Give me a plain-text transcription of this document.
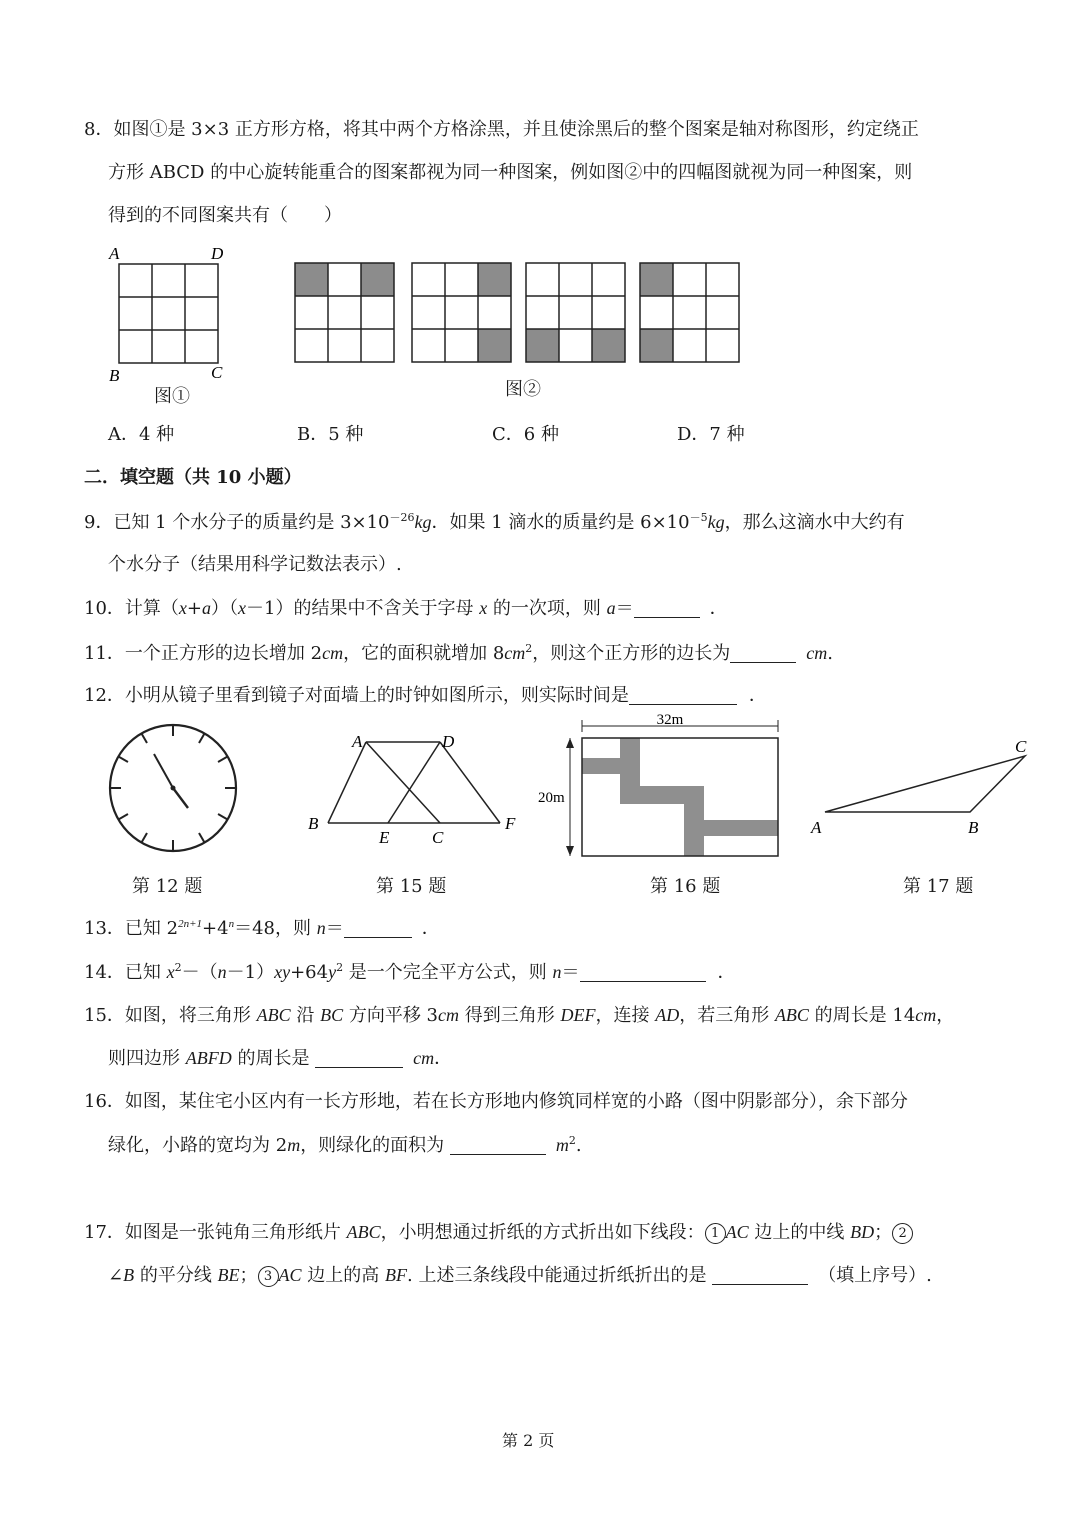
8．如图①是 3×3 正方形方格，将其中两个方格涂黑，并且使涂黑后的整个图案是轴对称图形，约定绕正
方形 ABCD 的中心旋转能重合的图案都视为同一种图案，例如图②中的四幅图就视为同一种图案，则
得到的不同图案共有（　　）
A	D
B	C
图①	图②
A．4 种	B．5 种	C．6 种	D．7 种
二．填空题（共 10 小题）
9．已知 1 个水分子的质量约是 $3\times 10^{-26}kg$．如果 1 滴水的质量约是 $6\times 10^{-5}kg$，那么这滴水中大约有
个水分子（结果用科学记数法表示）.
10．计算（x+a）（x－1）的结果中不含关于字母 x 的一次项，则 a＝	．
11．一个正方形的边长增加 2cm，它的面积就增加 $8cm^2$，则这个正方形的边长为	cm.
12．小明从镜子里看到镜子对面墙上的时钟如图所示，则实际时间是	．
第 12 题
A	D
B
E	C
F
第 15 题
32m
20m
第 16 题
A	B
C
第 17 题
13．已知 $2^{2n+1}+4^n=48$，则 n＝	．
14．已知 $x^2-(n-1)xy+64y^2$ 是一个完全平方公式，则 n＝	．
15．如图，将三角形 ABC 沿 BC 方向平移 3cm 得到三角形 DEF，连接 AD，若三角形 ABC 的周长是 14cm，
则四边形 ABFD 的周长是	cm．
16．如图，某住宅小区内有一长方形地，若在长方形地内修筑同样宽的小路（图中阴影部分），余下部分
绿化，小路的宽均为 2m，则绿化的面积为	$m^2$.
17．如图是一张钝角三角形纸片 ABC，小明想通过折纸的方式折出如下线段： 1 AC 边上的中线 BD； 2
∠B 的平分线 BE； 3 AC 边上的高 BF. 上述三条线段中能通过折纸折出的是	（填上序号）.
第 2 页
